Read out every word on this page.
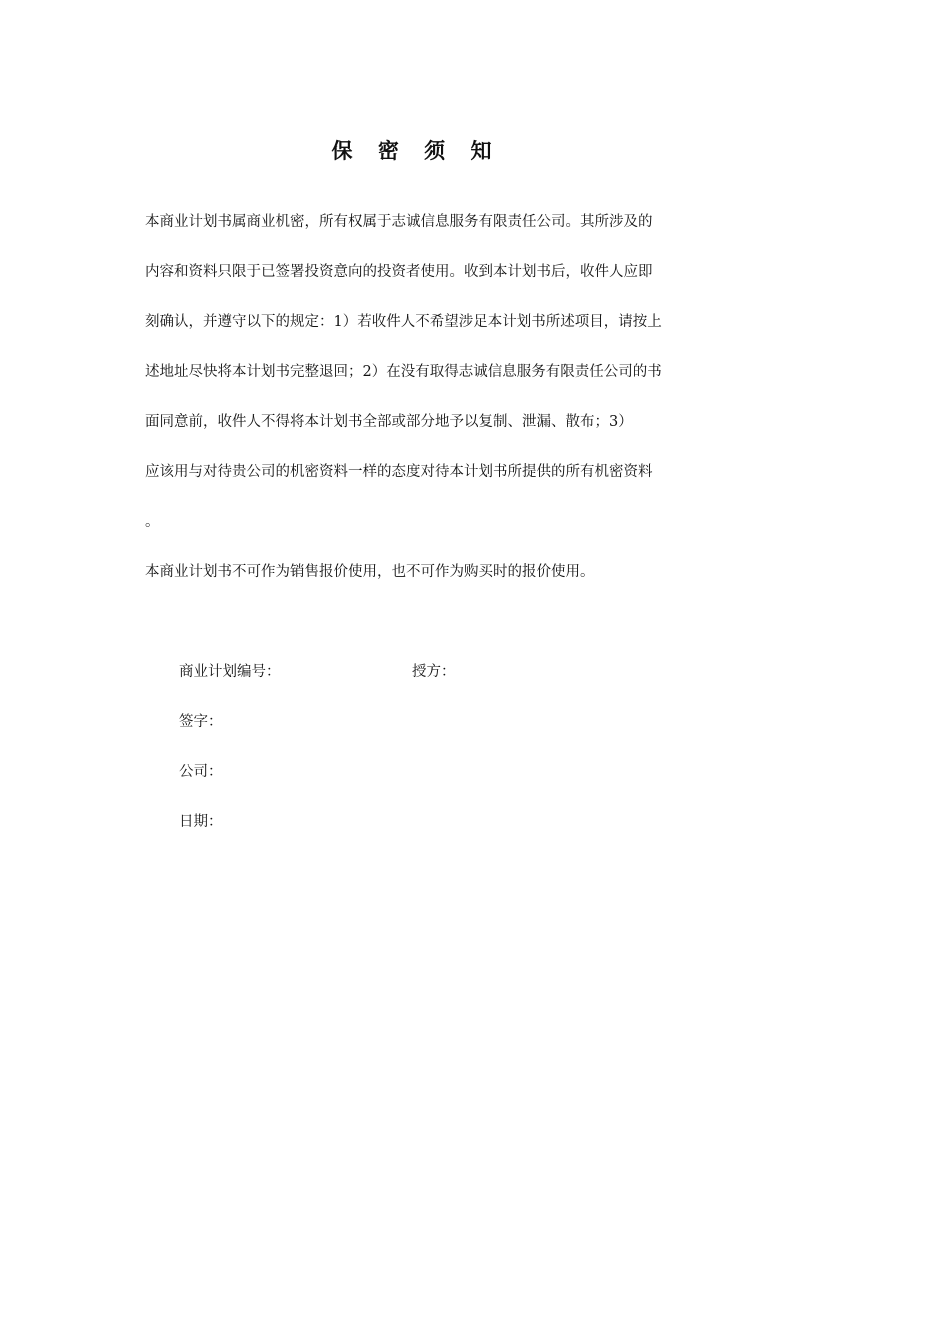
保 密 须 知

本商业计划书属商业机密，所有权属于志诚信息服务有限责任公司。其所涉及的
内容和资料只限于已签署投资意向的投资者使用。收到本计划书后，收件人应即
刻确认，并遵守以下的规定：1）若收件人不希望涉足本计划书所述项目，请按上
述地址尽快将本计划书完整退回；2）在没有取得志诚信息服务有限责任公司的书
面同意前，收件人不得将本计划书全部或部分地予以复制、泄漏、散布；3）
应该用与对待贵公司的机密资料一样的态度对待本计划书所提供的所有机密资料
。

本商业计划书不可作为销售报价使用，也不可作为购买时的报价使用。

商业计划编号：	授方：
签字：
公司：
日期：
